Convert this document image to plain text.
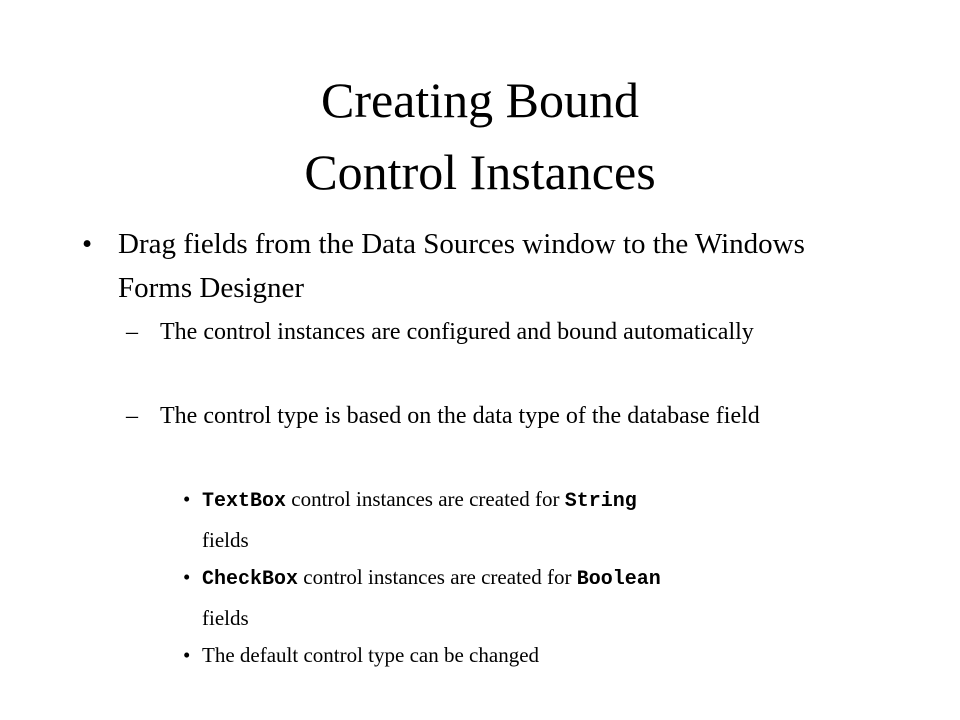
Creating Bound
Control Instances
• Drag fields from the Data Sources window to the Windows Forms Designer
– The control instances are configured and bound automatically
– The control type is based on the data type of the database field
• TextBox control instances are created for String
fields
• CheckBox control instances are created for Boolean
fields
• The default control type can be changed
